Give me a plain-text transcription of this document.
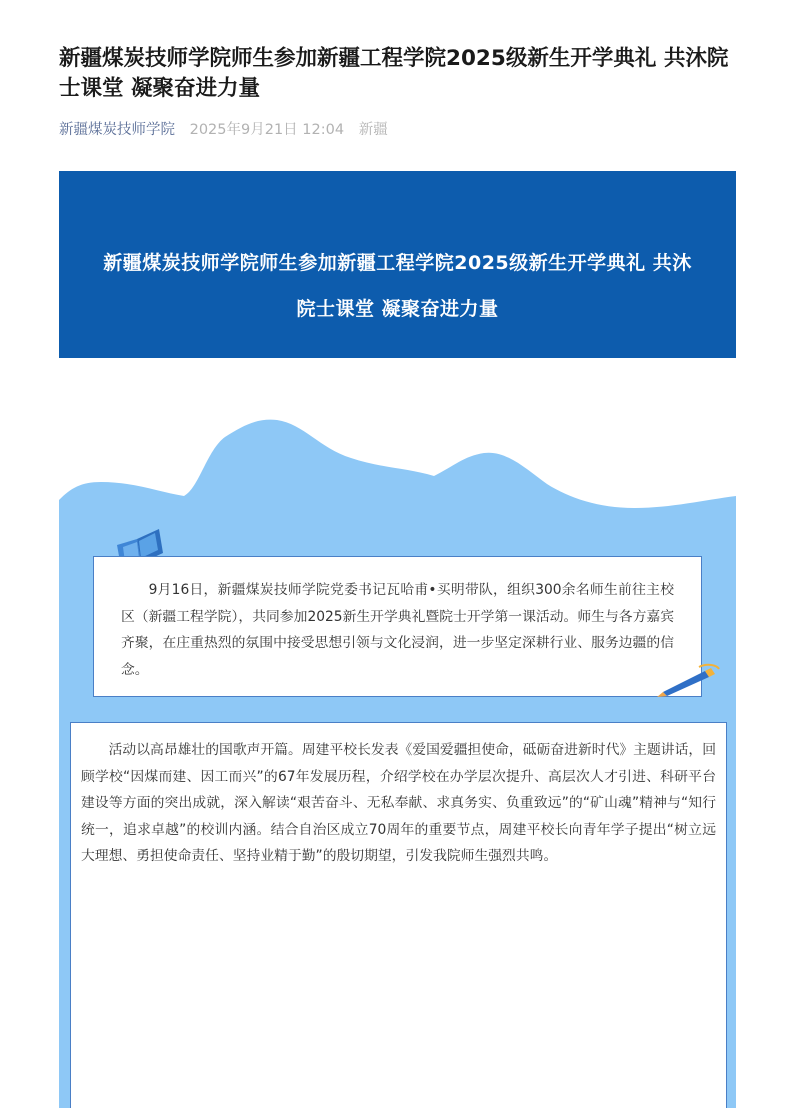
新疆煤炭技师学院师生参加新疆工程学院2025级新生开学典礼 共沐院士课堂 凝聚奋进力量
新疆煤炭技师学院 2025年9月21日 12:04 新疆
新疆煤炭技师学院师生参加新疆工程学院2025级新生开学典礼 共沐
院士课堂 凝聚奋进力量

9月16日，新疆煤炭技师学院党委书记瓦哈甫•买明带队，组织300余名师生前往主校区（新疆工程学院），共同参加2025新生开学典礼暨院士开学第一课活动。师生与各方嘉宾齐聚，在庄重热烈的氛围中接受思想引领与文化浸润，进一步坚定深耕行业、服务边疆的信念。

活动以高昂雄壮的国歌声开篇。周建平校长发表《爱国爱疆担使命，砥砺奋进新时代》主题讲话，回顾学校“因煤而建、因工而兴”的67年发展历程，介绍学校在办学层次提升、高层次人才引进、科研平台建设等方面的突出成就，深入解读“艰苦奋斗、无私奉献、求真务实、负重致远”的“矿山魂”精神与“知行统一，追求卓越”的校训内涵。结合自治区成立70周年的重要节点，周建平校长向青年学子提出“树立远大理想、勇担使命责任、坚持业精于勤”的殷切期望，引发我院师生强烈共鸣。
